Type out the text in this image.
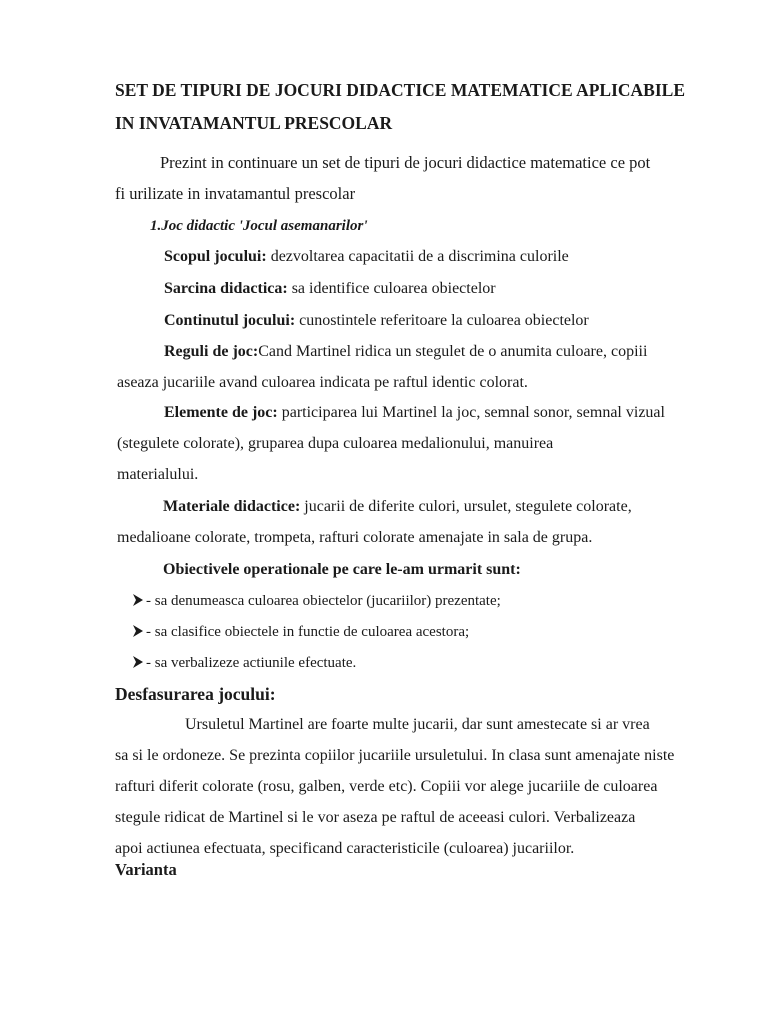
SET DE TIPURI DE JOCURI DIDACTICE MATEMATICE APLICABILE
IN INVATAMANTUL PRESCOLAR
Prezint in continuare un set de tipuri de jocuri didactice matematice ce pot
fi urilizate in invatamantul prescolar
1.Joc didactic 'Jocul asemanarilor'
Scopul jocului: dezvoltarea capacitatii de a discrimina culorile
Sarcina didactica: sa identifice culoarea obiectelor
Continutul jocului: cunostintele referitoare la culoarea obiectelor
Reguli de joc:Cand Martinel ridica un stegulet de o anumita culoare, copiii
aseaza jucariile avand culoarea indicata pe raftul identic colorat.
Elemente de joc: participarea lui Martinel la joc, semnal sonor, semnal vizual
(stegulete colorate), gruparea dupa culoarea medalionului, manuirea
materialului.
Materiale didactice: jucarii de diferite culori, ursulet, stegulete colorate,
medalioane colorate, trompeta, rafturi colorate amenajate in sala de grupa.
Obiectivele operationale pe care le-am urmarit sunt:
- sa denumeasca culoarea obiectelor (jucariilor) prezentate;
- sa clasifice obiectele in functie de culoarea acestora;
- sa verbalizeze actiunile efectuate.
Desfasurarea jocului:
Ursuletul Martinel are foarte multe jucarii, dar sunt amestecate si ar vrea
sa si le ordoneze. Se prezinta copiilor jucariile ursuletului. In clasa sunt amenajate niste
rafturi diferit colorate (rosu, galben, verde etc). Copiii vor alege jucariile de culoarea
stegule ridicat de Martinel si le vor aseza pe raftul de aceeasi culori. Verbalizeaza
apoi actiunea efectuata, specificand caracteristicile (culoarea) jucariilor.
Varianta
